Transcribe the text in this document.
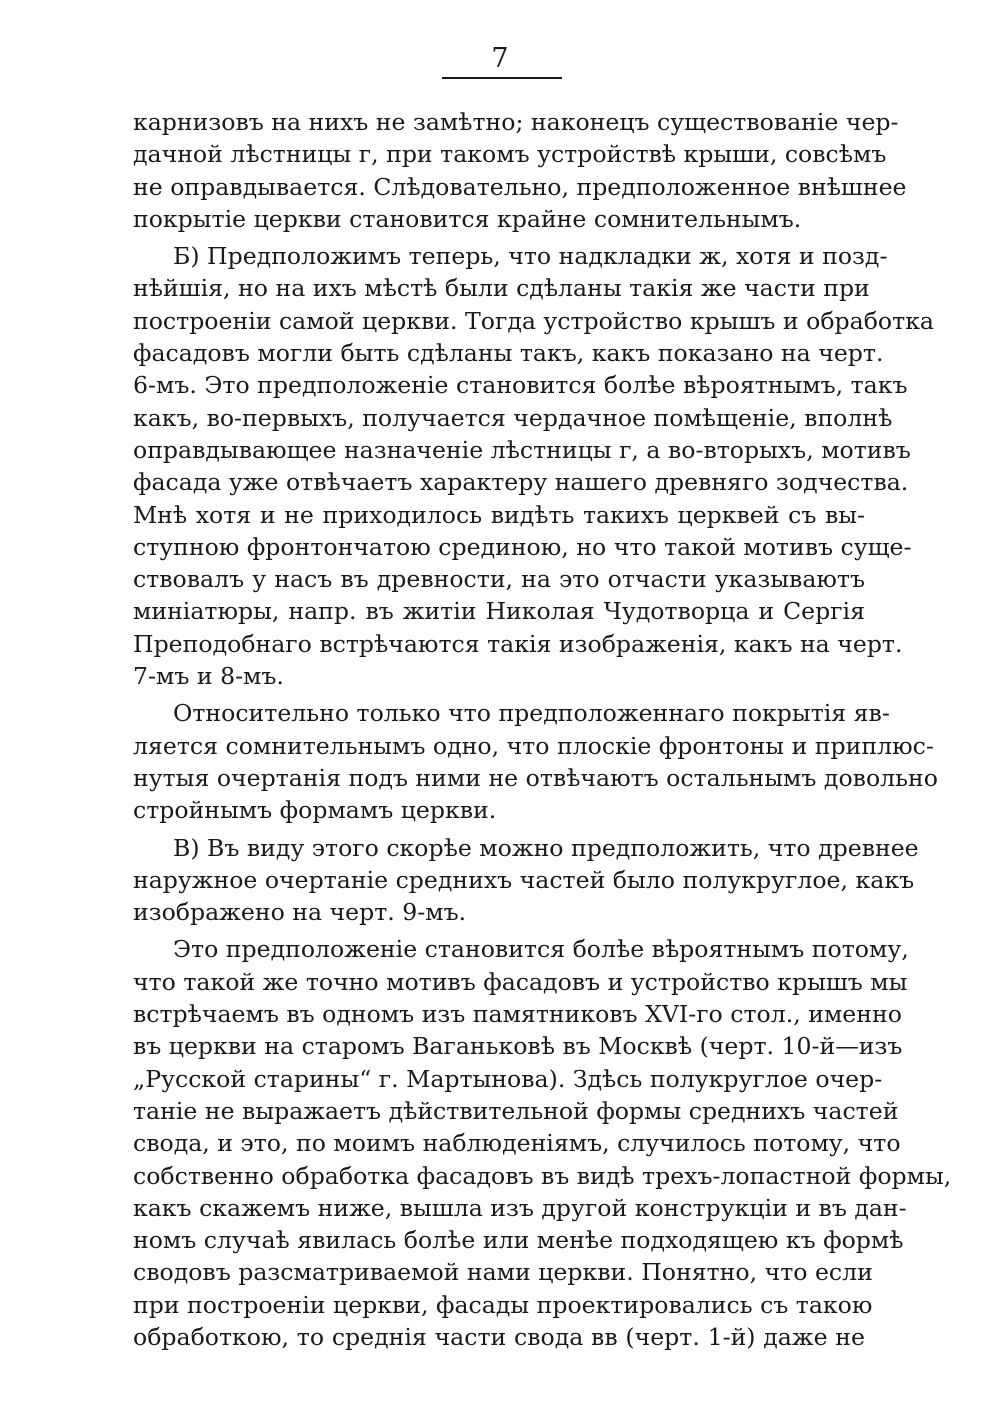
7

карнизовъ на нихъ не замѣтно; наконецъ существованіе чер-
дачной лѣстницы г, при такомъ устройствѣ крыши, совсѣмъ
не оправдывается. Слѣдовательно, предположенное внѣшнее
покрытіе церкви становится крайне сомнительнымъ.

Б) Предположимъ теперь, что надкладки ж, хотя и позд-
нѣйшія, но на ихъ мѣстѣ были сдѣланы такія же части при
построеніи самой церкви. Тогда устройство крышъ и обработка
фасадовъ могли быть сдѣланы такъ, какъ показано на черт.
6-мъ. Это предположеніе становится болѣе вѣроятнымъ, такъ
какъ, во-первыхъ, получается чердачное помѣщеніе, вполнѣ
оправдывающее назначеніе лѣстницы г, а во-вторыхъ, мотивъ
фасада уже отвѣчаетъ характеру нашего древняго зодчества.
Мнѣ хотя и не приходилось видѣть такихъ церквей съ вы-
ступною фронтончатою срединою, но что такой мотивъ суще-
ствовалъ у насъ въ древности, на это отчасти указываютъ
миніатюры, напр. въ житіи Николая Чудотворца и Сергія
Преподобнаго встрѣчаются такія изображенія, какъ на черт.
7-мъ и 8-мъ.

Относительно только что предположеннаго покрытія яв-
ляется сомнительнымъ одно, что плоскіе фронтоны и приплюс-
нутыя очертанія подъ ними не отвѣчаютъ остальнымъ довольно
стройнымъ формамъ церкви.

В) Въ виду этого скорѣе можно предположить, что древнее
наружное очертаніе среднихъ частей было полукруглое, какъ
изображено на черт. 9-мъ.

Это предположеніе становится болѣе вѣроятнымъ потому,
что такой же точно мотивъ фасадовъ и устройство крышъ мы
встрѣчаемъ въ одномъ изъ памятниковъ XVI-го стол., именно
въ церкви на старомъ Ваганьковѣ въ Москвѣ (черт. 10-й—изъ
„Русской старины“ г. Мартынова). Здѣсь полукруглое очер-
таніе не выражаетъ дѣйствительной формы среднихъ частей
свода, и это, по моимъ наблюденіямъ, случилось потому, что
собственно обработка фасадовъ въ видѣ трехъ-лопастной формы,
какъ скажемъ ниже, вышла изъ другой конструкціи и въ дан-
номъ случаѣ явилась болѣе или менѣе подходящею къ формѣ
сводовъ разсматриваемой нами церкви. Понятно, что если
при построеніи церкви, фасады проектировались съ такою
обработкою, то среднія части свода вв (черт. 1-й) даже не
